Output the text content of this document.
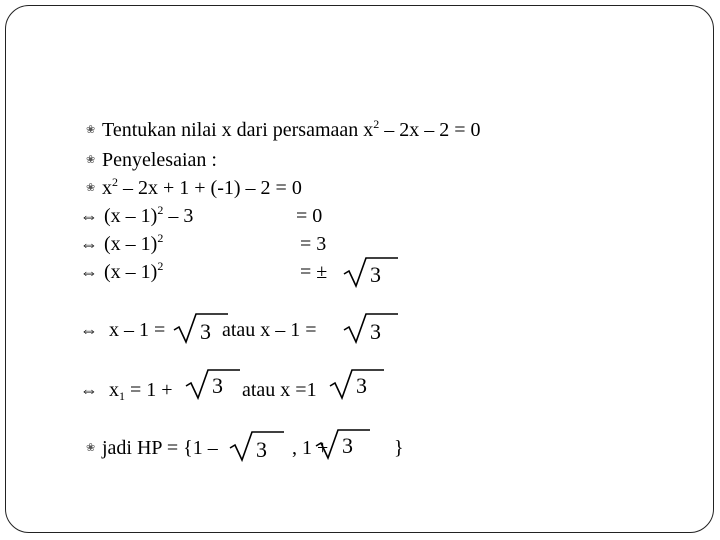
❀ Tentukan nilai x dari persamaan $x^2 - 2x - 2 = 0$
❀ Penyelesaian :
❀ $x^2 - 2x + 1 + (-1) - 2 = 0$
⇔ (x – 1)$^2$ – 3	= 0
⇔ (x – 1)$^2$	= 3
⇔ (x – 1)$^2$	= ± 3
⇔ x – 1 = 3 atau x – 1 = 3
⇔ $x_1 = 1 + 3$ atau x =1 3
❀ jadi HP = {1 – 3 , 1 + 3 }
